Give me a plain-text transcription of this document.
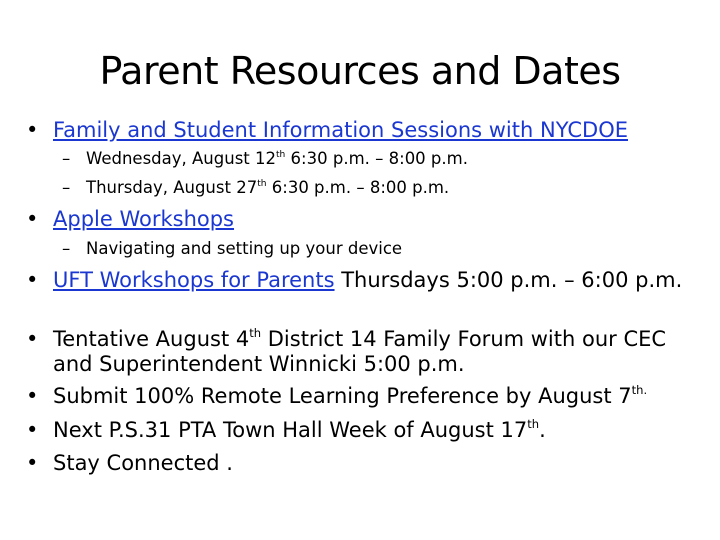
Parent Resources and Dates
• Family and Student Information Sessions with NYCDOE
– Wednesday, August 12th 6:30 p.m. – 8:00 p.m.
– Thursday, August 27th 6:30 p.m. – 8:00 p.m.
• Apple Workshops
– Navigating and setting up your device
• UFT Workshops for Parents Thursdays 5:00 p.m. – 6:00 p.m.
• Tentative August 4th District 14 Family Forum with our CEC and Superintendent Winnicki 5:00 p.m.
• Submit 100% Remote Learning Preference by August $7^{th.}$
• Next P.S.31 PTA Town Hall Week of August 17th.
• Stay Connected .
